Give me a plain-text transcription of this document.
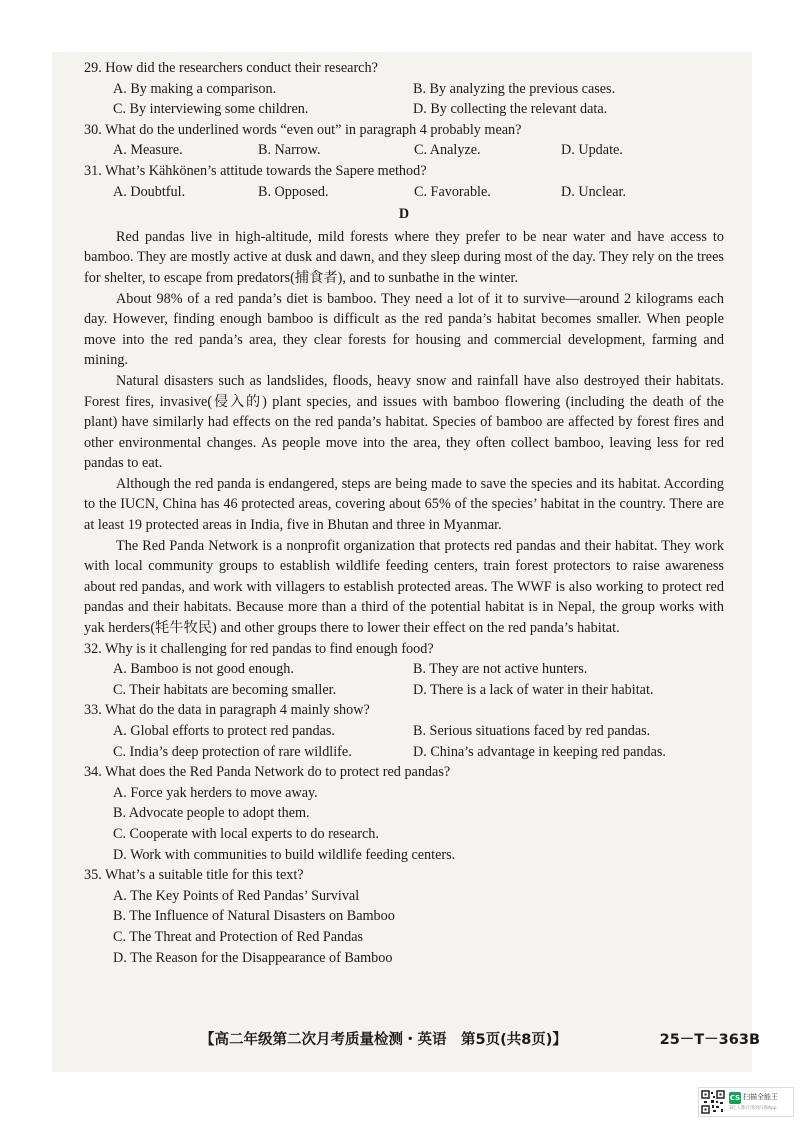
29. How did the researchers conduct their research?

A. By making a comparison.	B. By analyzing the previous cases.
C. By interviewing some children.	D. By collecting the relevant data.

30. What do the underlined words “even out” in paragraph 4 probably mean?

A. Measure.	B. Narrow.	C. Analyze.	D. Update.

31. What’s Kähkönen’s attitude towards the Sapere method?

A. Doubtful.	B. Opposed.	C. Favorable.	D. Unclear.
D

Red pandas live in high-altitude, mild forests where they prefer to be near water and have access to bamboo. They are mostly active at dusk and dawn, and they sleep during most of the day. They rely on the trees for shelter, to escape from predators(捕食者), and to sunbathe in the winter.

About 98% of a red panda’s diet is bamboo. They need a lot of it to survive—around 2 kilograms each day. However, finding enough bamboo is difficult as the red panda’s habitat becomes smaller. When people move into the red panda’s area, they clear forests for housing and commercial development, farming and mining.

Natural disasters such as landslides, floods, heavy snow and rainfall have also destroyed their habitats. Forest fires, invasive(侵入的) plant species, and issues with bamboo flowering (including the death of the plant) have similarly had effects on the red panda’s habitat. Species of bamboo are affected by forest fires and other environmental changes. As people move into the area, they often collect bamboo, leaving less for red pandas to eat.

Although the red panda is endangered, steps are being made to save the species and its habitat. According to the IUCN, China has 46 protected areas, covering about 65% of the species’ habitat in the country. There are at least 19 protected areas in India, five in Bhutan and three in Myanmar.

The Red Panda Network is a nonprofit organization that protects red pandas and their habitat. They work with local community groups to establish wildlife feeding centers, train forest protectors to raise awareness about red pandas, and work with villagers to establish protected areas. The WWF is also working to protect red pandas and their habitats. Because more than a third of the potential habitat is in Nepal, the group works with yak herders(牦牛牧民) and other groups there to lower their effect on the red panda’s habitat.

32. Why is it challenging for red pandas to find enough food?

A. Bamboo is not good enough.	B. They are not active hunters.
C. Their habitats are becoming smaller.	D. There is a lack of water in their habitat.

33. What do the data in paragraph 4 mainly show?

A. Global efforts to protect red pandas.	B. Serious situations faced by red pandas.
C. India’s deep protection of rare wildlife.	D. China’s advantage in keeping red pandas.

34. What does the Red Panda Network do to protect red pandas?

A. Force yak herders to move away.
B. Advocate people to adopt them.
C. Cooperate with local experts to do research.
D. Work with communities to build wildlife feeding centers.

35. What’s a suitable title for this text?

A. The Key Points of Red Pandas’ Survival
B. The Influence of Natural Disasters on Bamboo
C. The Threat and Protection of Red Pandas
D. The Reason for the Disappearance of Bamboo
【高二年级第二次月考质量检测・英语　第5页(共8页)】	25－T－363B
CS 扫描全能王
3亿人都在用的扫描App
